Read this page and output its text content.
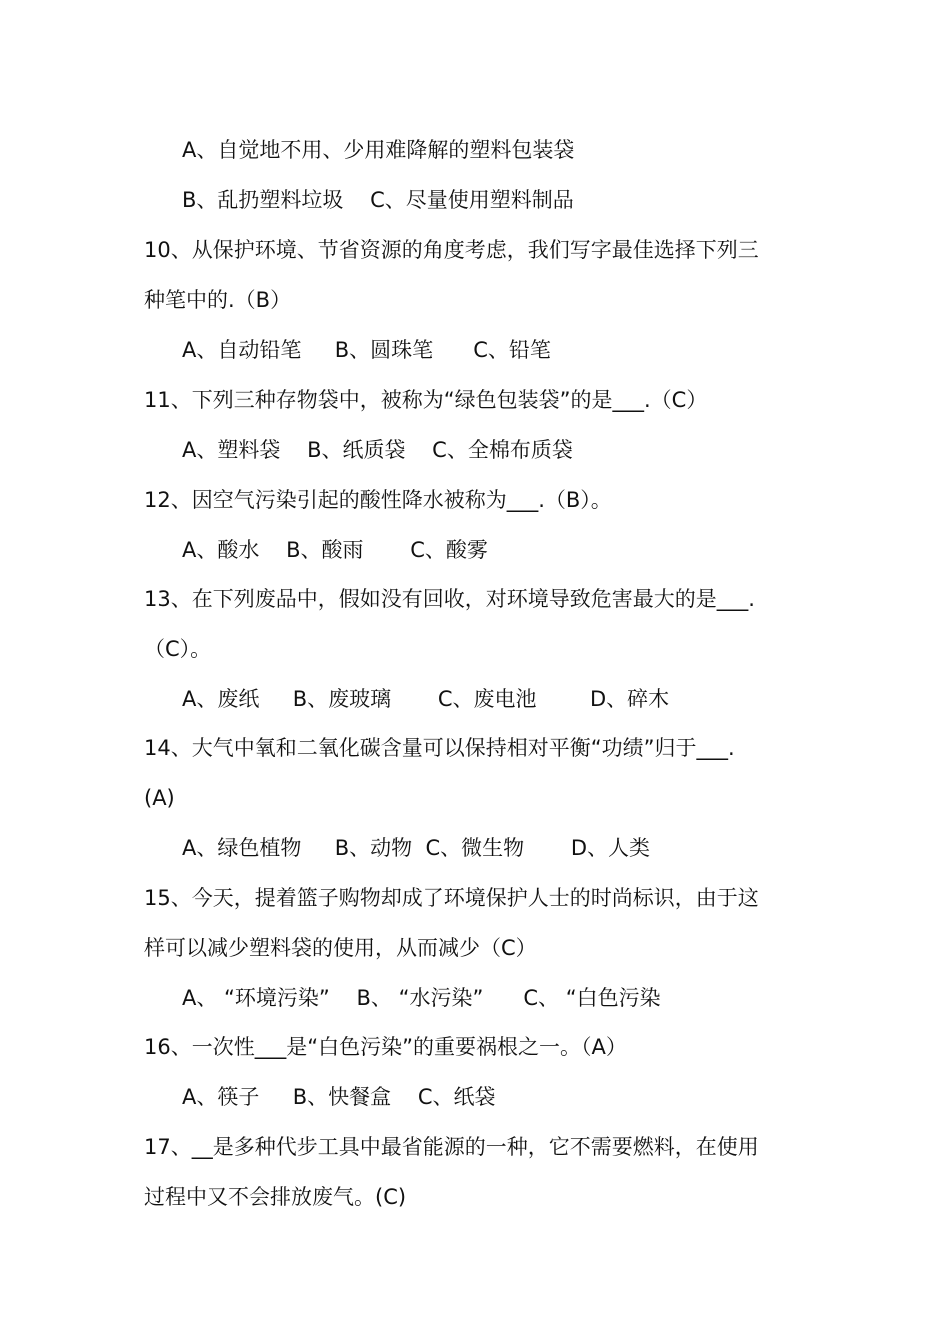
A、自觉地不用、少用难降解的塑料包装袋
B、乱扔塑料垃圾    C、尽量使用塑料制品
10、从保护环境、节省资源的角度考虑，我们写字最佳选择下列三
种笔中的.（B）
A、自动铅笔     B、圆珠笔      C、铅笔
11、下列三种存物袋中，被称为“绿色包装袋”的是___.（C）
A、塑料袋    B、纸质袋    C、全棉布质袋
12、因空气污染引起的酸性降水被称为___.（B）。
A、酸水    B、酸雨       C、酸雾
13、在下列废品中，假如没有回收，对环境导致危害最大的是___.
（C）。
A、废纸     B、废玻璃       C、废电池        D、碎木
14、大气中氧和二氧化碳含量可以保持相对平衡“功绩”归于___.
(A)
A、绿色植物     B、动物  C、微生物       D、人类
15、今天，提着篮子购物却成了环境保护人士的时尚标识，由于这
样可以减少塑料袋的使用，从而减少（C）
A、 “环境污染”    B、 “水污染”      C、 “白色污染
16、一次性___是“白色污染”的重要祸根之一。（A）
A、筷子     B、快餐盒    C、纸袋
17、__是多种代步工具中最省能源的一种，它不需要燃料，在使用
过程中又不会排放废气。(C)
